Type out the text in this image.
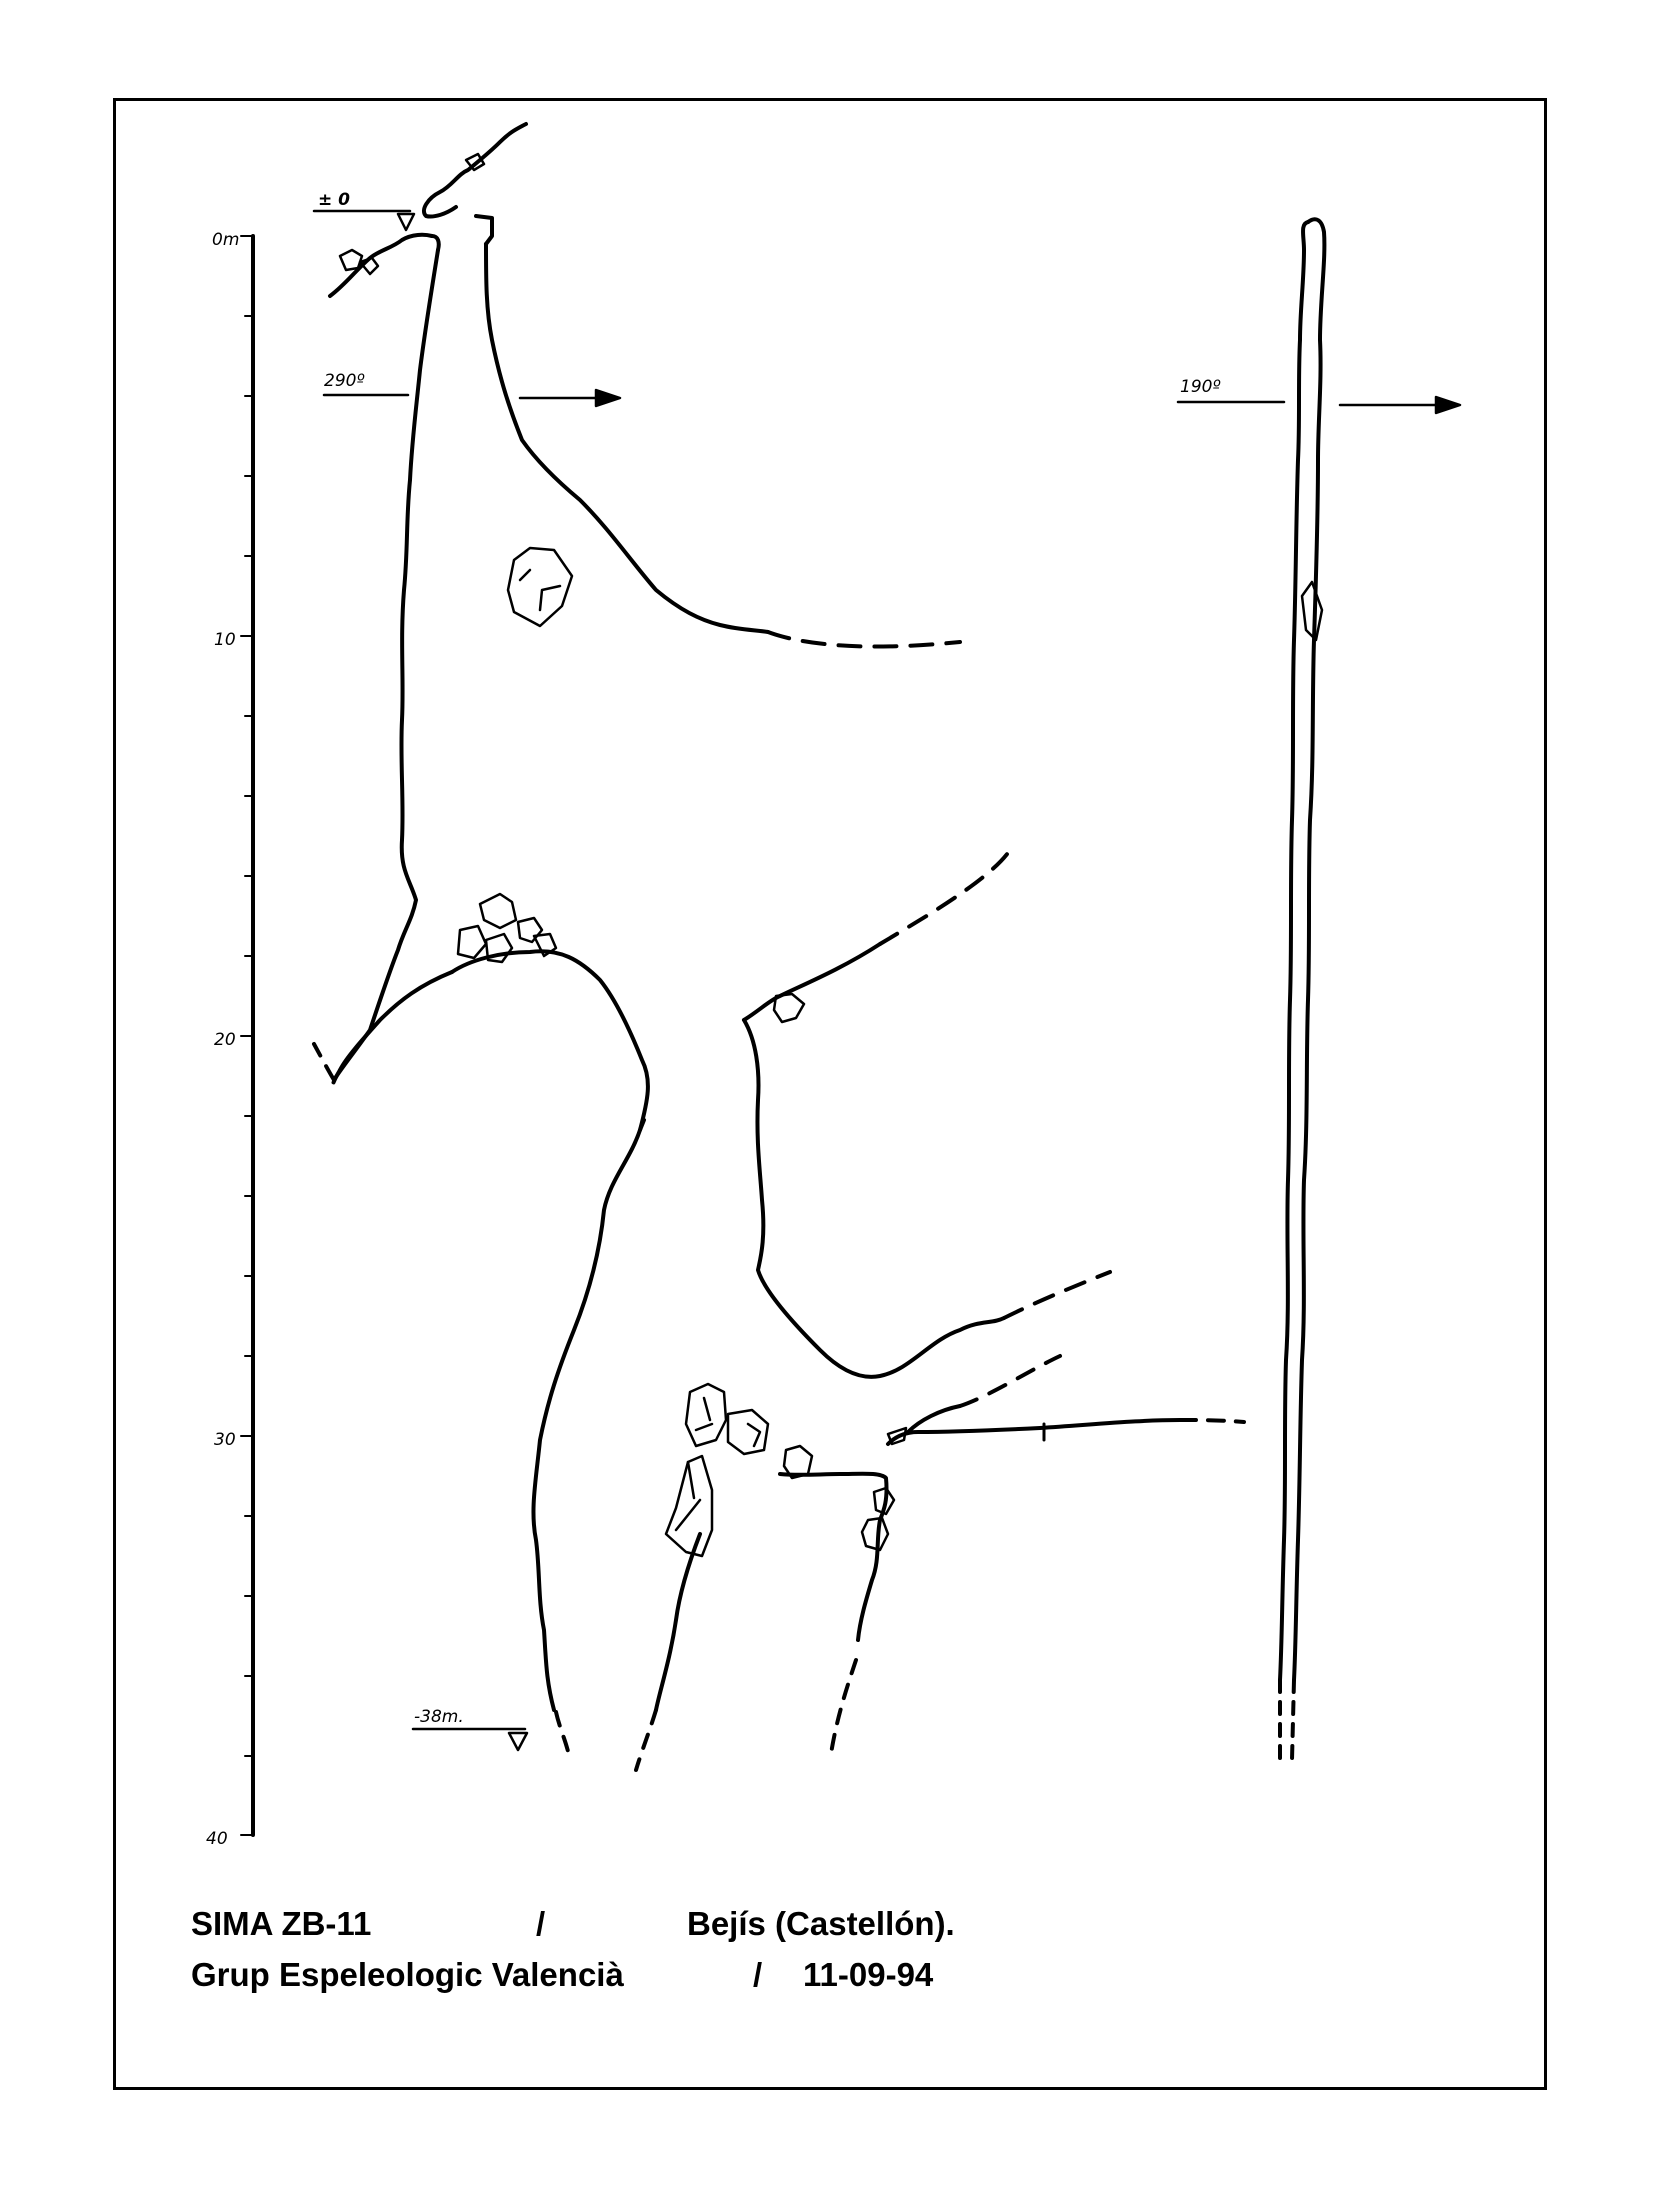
0m
10
20
30
40
± 0
-38m.
290º	190º
SIMA ZB-11	/	Bejís (Castellón).
Grup Espeleologic Valencià	/ 11-09-94
